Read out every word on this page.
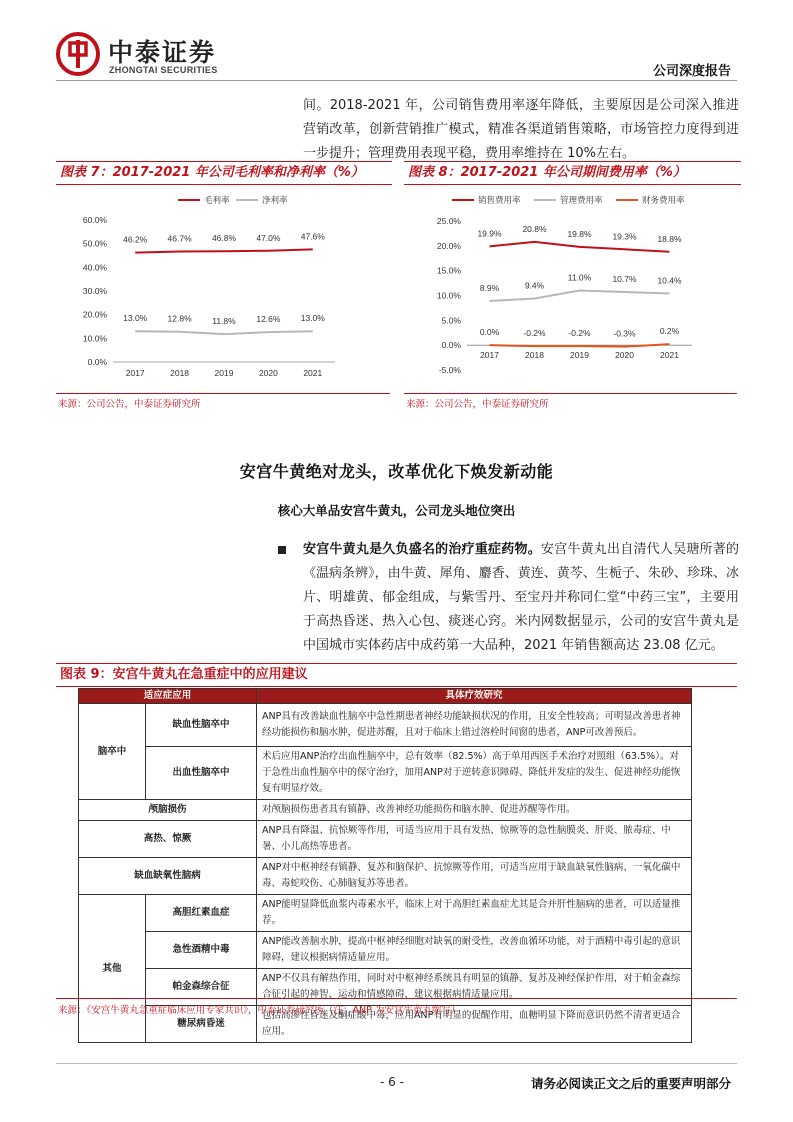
中泰证券
ZHONGTAI SECURITIES	公司深度报告
间。2018-2021 年，公司销售费用率逐年降低，主要原因是公司深入推进营销改革，创新营销推广模式，精准各渠道销售策略，市场管控力度得到进一步提升；管理费用表现平稳，费用率维持在 10%左右。
图表 7：2017-2021 年公司毛利率和净利率（%）	图表 8：2017-2021 年公司期间费用率（%）
毛利率	净利率
0.0%
10.0%
20.0%
30.0%
40.0%
50.0%
60.0%
2017	2018	2019	2020	2021
46.2% 46.7% 46.8% 47.0% 47.6%
13.0% 12.8% 11.8% 12.6% 13.0%
来源：公司公告，中泰证券研究所
销售费用率	管理费用率	财务费用率
-5.0%
0.0%
5.0%
10.0%
15.0%
20.0%
25.0%
2017	2018	2019	2020	2021
19.9% 20.8% 19.8% 19.3% 18.8%
8.9%	9.4%
11.0% 10.7% 10.4%
0.0%	-0.2%	-0.2%	-0.3%	0.2%
来源：公司公告，中泰证券研究所
安宫牛黄绝对龙头，改革优化下焕发新动能
核心大单品安宫牛黄丸，公司龙头地位突出
安宫牛黄丸是久负盛名的治疗重症药物。安宫牛黄丸出自清代人吴瑭所著的《温病条辨》，由牛黄、犀角、麝香、黄连、黄芩、生栀子、朱砂、珍珠、冰片、明雄黄、郁金组成，与紫雪丹、至宝丹并称同仁堂“中药三宝”，主要用于高热昏迷、热入心包、痰迷心窍。米内网数据显示，公司的安宫牛黄丸是中国城市实体药店中成药第一大品种，2021 年销售额高达 23.08 亿元。
图表 9：安宫牛黄丸在急重症中的应用建议
适应症应用		具体疗效研究
脑卒中	缺血性脑卒中	ANP具有改善缺血性脑卒中急性期患者神经功能缺损状况的作用，且安全性较高；可明显改善患者神经功能损伤和脑水肿，促进苏醒，且对于临床上错过溶栓时间窗的患者，ANP可改善预后。
	出血性脑卒中	术后应用ANP治疗出血性脑卒中，总有效率（82.5%）高于单用西医手术治疗对照组（63.5%）。对于急性出血性脑卒中的保守治疗，加用ANP对于逆转意识障碍、降低并发症的发生、促进神经功能恢复有明显疗效。
颅脑损伤		对颅脑损伤患者具有镇静、改善神经功能损伤和脑水肿、促进苏醒等作用。
高热、惊厥		ANP具有降温、抗惊厥等作用，可适当应用于具有发热、惊厥等的急性脑膜炎、肝炎、脓毒症、中暑、小儿高热等患者。
缺血缺氧性脑病		ANP对中枢神经有镇静、复苏和脑保护、抗惊厥等作用，可适当应用于缺血缺氧性脑病、一氧化碳中毒、毒蛇咬伤、心肺脑复苏等患者。
其他	高胆红素血症	ANP能明显降低血浆内毒素水平，临床上对于高胆红素血症尤其是合并肝性脑病的患者，可以适量推荐。
	急性酒精中毒	ANP能改善脑水肿，提高中枢神经细胞对缺氧的耐受性，改善血循环功能，对于酒精中毒引起的意识障碍，建议根据病情适量应用。
	帕金森综合征	ANP不仅具有解热作用，同时对中枢神经系统具有明显的镇静、复苏及神经保护作用，对于帕金森综合征引起的神智、运动和情感障碍，建议根据病情适量应用。
	糖尿病昏迷	包括高渗性昏迷及酮症酸中毒，应用ANP有明显的促醒作用，血糖明显下降而意识仍然不清者更适合应用。
来源：《安宫牛黄丸急重症临床应用专家共识》，中泰证券研究所（注：ANP 为安宫牛黄丸缩写）
- 6 -	请务必阅读正文之后的重要声明部分
